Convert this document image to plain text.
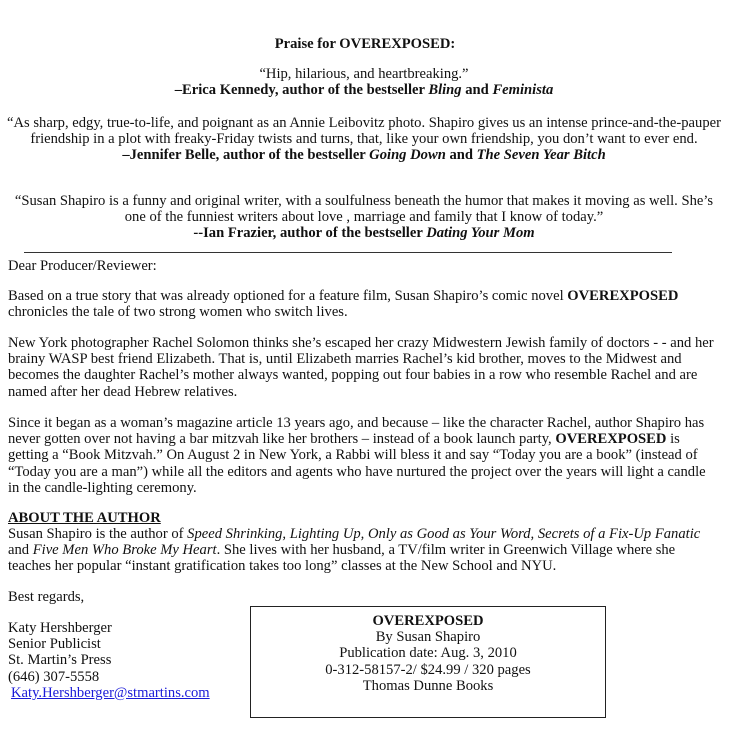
Praise for OVEREXPOSED:
“Hip, hilarious, and heartbreaking.”
–Erica Kennedy, author of the bestseller Bling and Feminista
“As sharp, edgy, true-to-life, and poignant as an Annie Leibovitz photo. Shapiro gives us an intense prince-and-the-pauper friendship in a plot with freaky-Friday twists and turns, that, like your own friendship, you don’t want to ever end.
–Jennifer Belle, author of the bestseller Going Down and The Seven Year Bitch
“Susan Shapiro is a funny and original writer, with a soulfulness beneath the humor that makes it moving as well. She’s one of the funniest writers about love , marriage and family that I know of today.”
--Ian Frazier, author of the bestseller Dating Your Mom
Dear Producer/Reviewer:
Based on a true story that was already optioned for a feature film, Susan Shapiro’s comic novel OVEREXPOSED chronicles the tale of two strong women who switch lives.
New York photographer Rachel Solomon thinks she’s escaped her crazy Midwestern Jewish family of doctors - - and her brainy WASP best friend Elizabeth. That is, until Elizabeth marries Rachel’s kid brother, moves to the Midwest and becomes the daughter Rachel’s mother always wanted, popping out four babies in a row who resemble Rachel and are named after her dead Hebrew relatives.
Since it began as a woman’s magazine article 13 years ago, and because – like the character Rachel, author Shapiro has never gotten over not having a bar mitzvah like her brothers – instead of a book launch party, OVEREXPOSED is getting a “Book Mitzvah.” On August 2 in New York, a Rabbi will bless it and say “Today you are a book” (instead of “Today you are a man”) while all the editors and agents who have nurtured the project over the years will light a candle in the candle-lighting ceremony.
ABOUT THE AUTHOR
Susan Shapiro is the author of Speed Shrinking, Lighting Up, Only as Good as Your Word, Secrets of a Fix-Up Fanatic and Five Men Who Broke My Heart. She lives with her husband, a TV/film writer in Greenwich Village where she teaches her popular “instant gratification takes too long” classes at the New School and NYU.
Best regards,
Katy Hershberger
Senior Publicist
St. Martin’s Press
(646) 307-5558
Katy.Hershberger@stmartins.com
OVEREXPOSED
By Susan Shapiro
Publication date: Aug. 3, 2010
0-312-58157-2/ $24.99 / 320 pages
Thomas Dunne Books
